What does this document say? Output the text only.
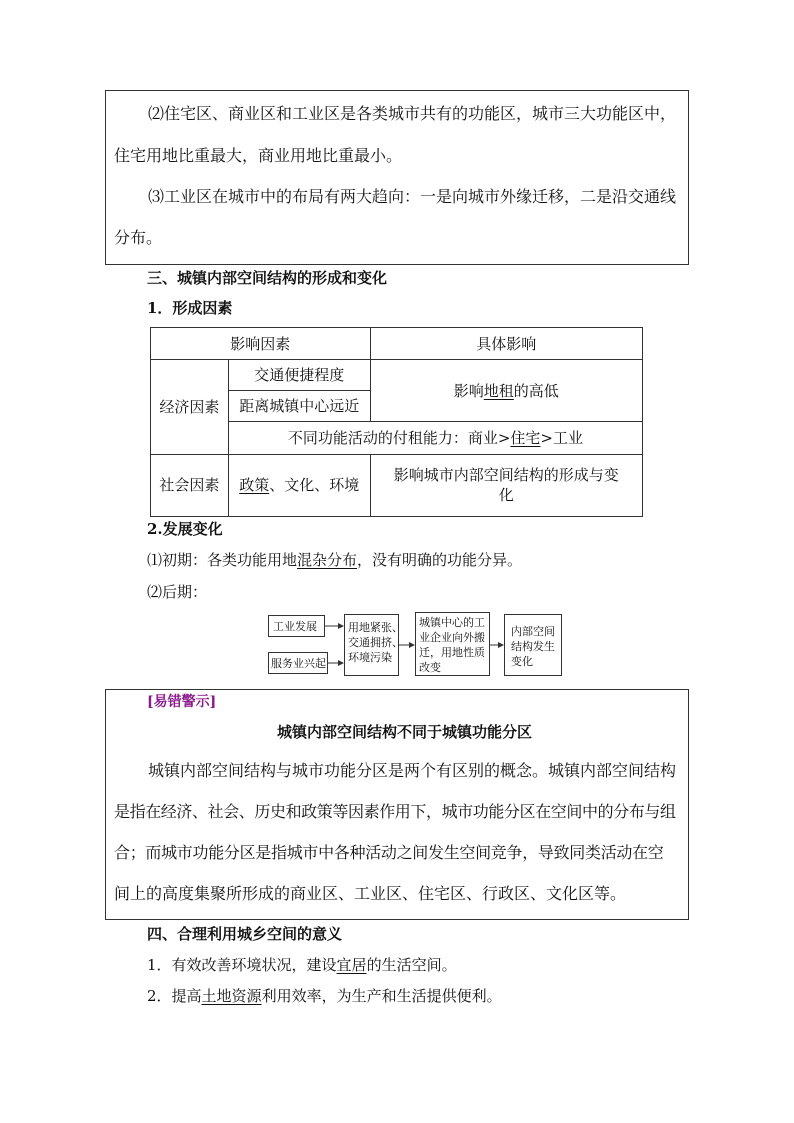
⑵住宅区、商业区和工业区是各类城市共有的功能区，城市三大功能区中，
住宅用地比重最大，商业用地比重最小。
⑶工业区在城市中的布局有两大趋向：一是向城市外缘迁移，二是沿交通线
分布。
三、城镇内部空间结构的形成和变化
1．形成因素
影响因素		具体影响
经济因素	交通便捷程度	影响地租的高低
	距离城镇中心远近	
	不同功能活动的付租能力：商业>住宅>工业	
社会因素	政策、文化、环境	影响城市内部空间结构的形成与变
化
2.发展变化
⑴初期：各类功能用地混杂分布，没有明确的功能分异。
⑵后期：
工业发展
服务业兴起
用地紧张、
交通拥挤、
环境污染
城镇中心的工
业企业向外搬
迁，用地性质
改变
内部空间
结构发生
变化
[易错警示]
城镇内部空间结构不同于城镇功能分区
城镇内部空间结构与城市功能分区是两个有区别的概念。城镇内部空间结构
是指在经济、社会、历史和政策等因素作用下，城市功能分区在空间中的分布与组
合；而城市功能分区是指城市中各种活动之间发生空间竞争，导致同类活动在空
间上的高度集聚所形成的商业区、工业区、住宅区、行政区、文化区等。
四、合理利用城乡空间的意义
1．有效改善环境状况，建设宜居的生活空间。
2．提高土地资源利用效率，为生产和生活提供便利。
